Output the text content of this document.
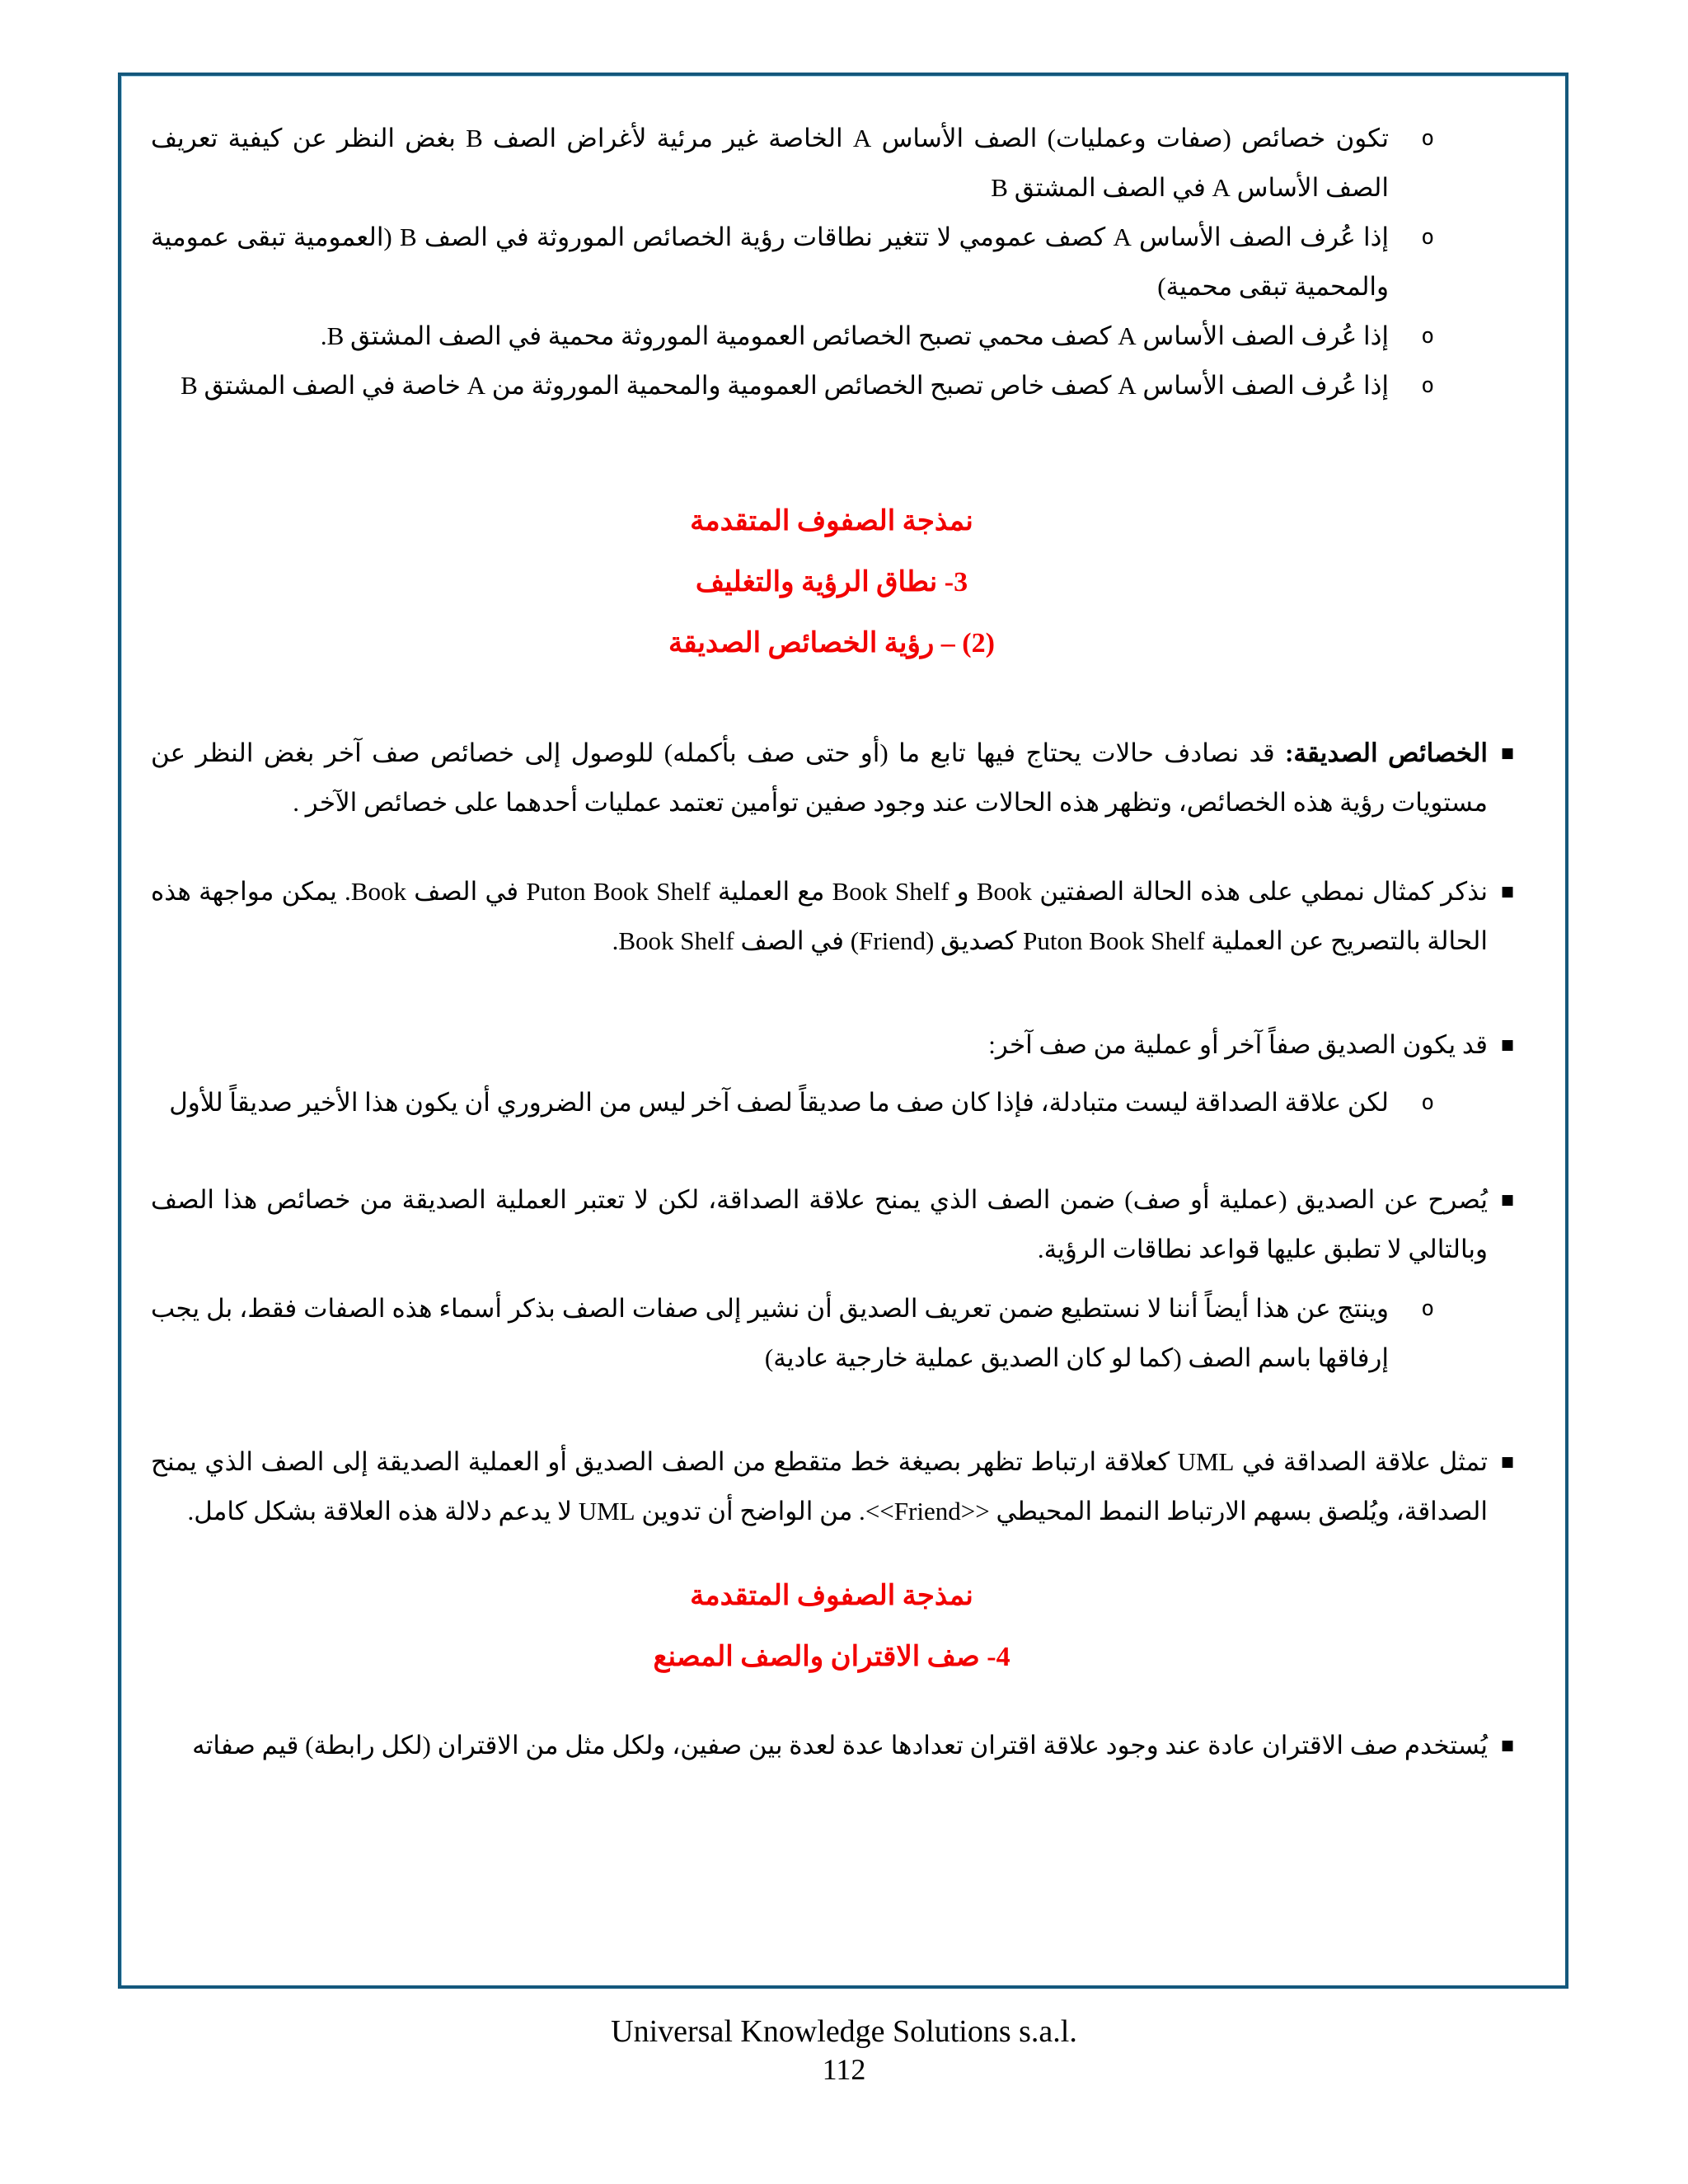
o
تكون خصائص (صفات وعمليات) الصف الأساس A الخاصة غير مرئية لأغراض الصف B بغض النظر عن كيفية تعريف الصف الأساس A في الصف المشتق B
o
إذا عُرف الصف الأساس A كصف عمومي لا تتغير نطاقات رؤية الخصائص الموروثة في الصف B (العمومية تبقى عمومية والمحمية تبقى محمية)
o
إذا عُرف الصف الأساس A كصف محمي تصبح الخصائص العمومية الموروثة محمية في الصف المشتق B.
o
إذا عُرف الصف الأساس A كصف خاص تصبح الخصائص العمومية والمحمية الموروثة من A خاصة في الصف المشتق B
نمذجة الصفوف المتقدمة
3- نطاق الرؤية والتغليف
(2) – رؤية الخصائص الصديقة
■
الخصائص الصديقة: قد نصادف حالات يحتاج فيها تابع ما (أو حتى صف بأكمله) للوصول إلى خصائص صف آخر بغض النظر عن مستويات رؤية هذه الخصائص، وتظهر هذه الحالات عند وجود صفين توأمين تعتمد عمليات أحدهما على خصائص الآخر .
■
نذكر كمثال نمطي على هذه الحالة الصفتين Book و Book Shelf مع العملية Puton Book Shelf في الصف Book. يمكن مواجهة هذه الحالة بالتصريح عن العملية Puton Book Shelf كصديق (Friend) في الصف Book Shelf.
■
قد يكون الصديق صفاً آخر أو عملية من صف آخر:
o
لكن علاقة الصداقة ليست متبادلة، فإذا كان صف ما صديقاً لصف آخر ليس من الضروري أن يكون هذا الأخير صديقاً للأول
■
يُصرح عن الصديق (عملية أو صف) ضمن الصف الذي يمنح علاقة الصداقة، لكن لا تعتبر العملية الصديقة من خصائص هذا الصف وبالتالي لا تطبق عليها قواعد نطاقات الرؤية.
o
وينتج عن هذا أيضاً أننا لا نستطيع ضمن تعريف الصديق أن نشير إلى صفات الصف بذكر أسماء هذه الصفات فقط، بل يجب إرفاقها باسم الصف (كما لو كان الصديق عملية خارجية عادية)
■
تمثل علاقة الصداقة في UML كعلاقة ارتباط تظهر بصيغة خط متقطع من الصف الصديق أو العملية الصديقة إلى الصف الذي يمنح الصداقة، ويُلصق بسهم الارتباط النمط المحيطي ‎<<Friend>>‎. من الواضح أن تدوين UML لا يدعم دلالة هذه العلاقة بشكل كامل.
نمذجة الصفوف المتقدمة
4- صف الاقتران والصف المصنع
■
يُستخدم صف الاقتران عادة عند وجود علاقة اقتران تعدادها عدة لعدة بين صفين، ولكل مثل من الاقتران (لكل رابطة) قيم صفاته
Universal Knowledge Solutions s.a.l.
112
